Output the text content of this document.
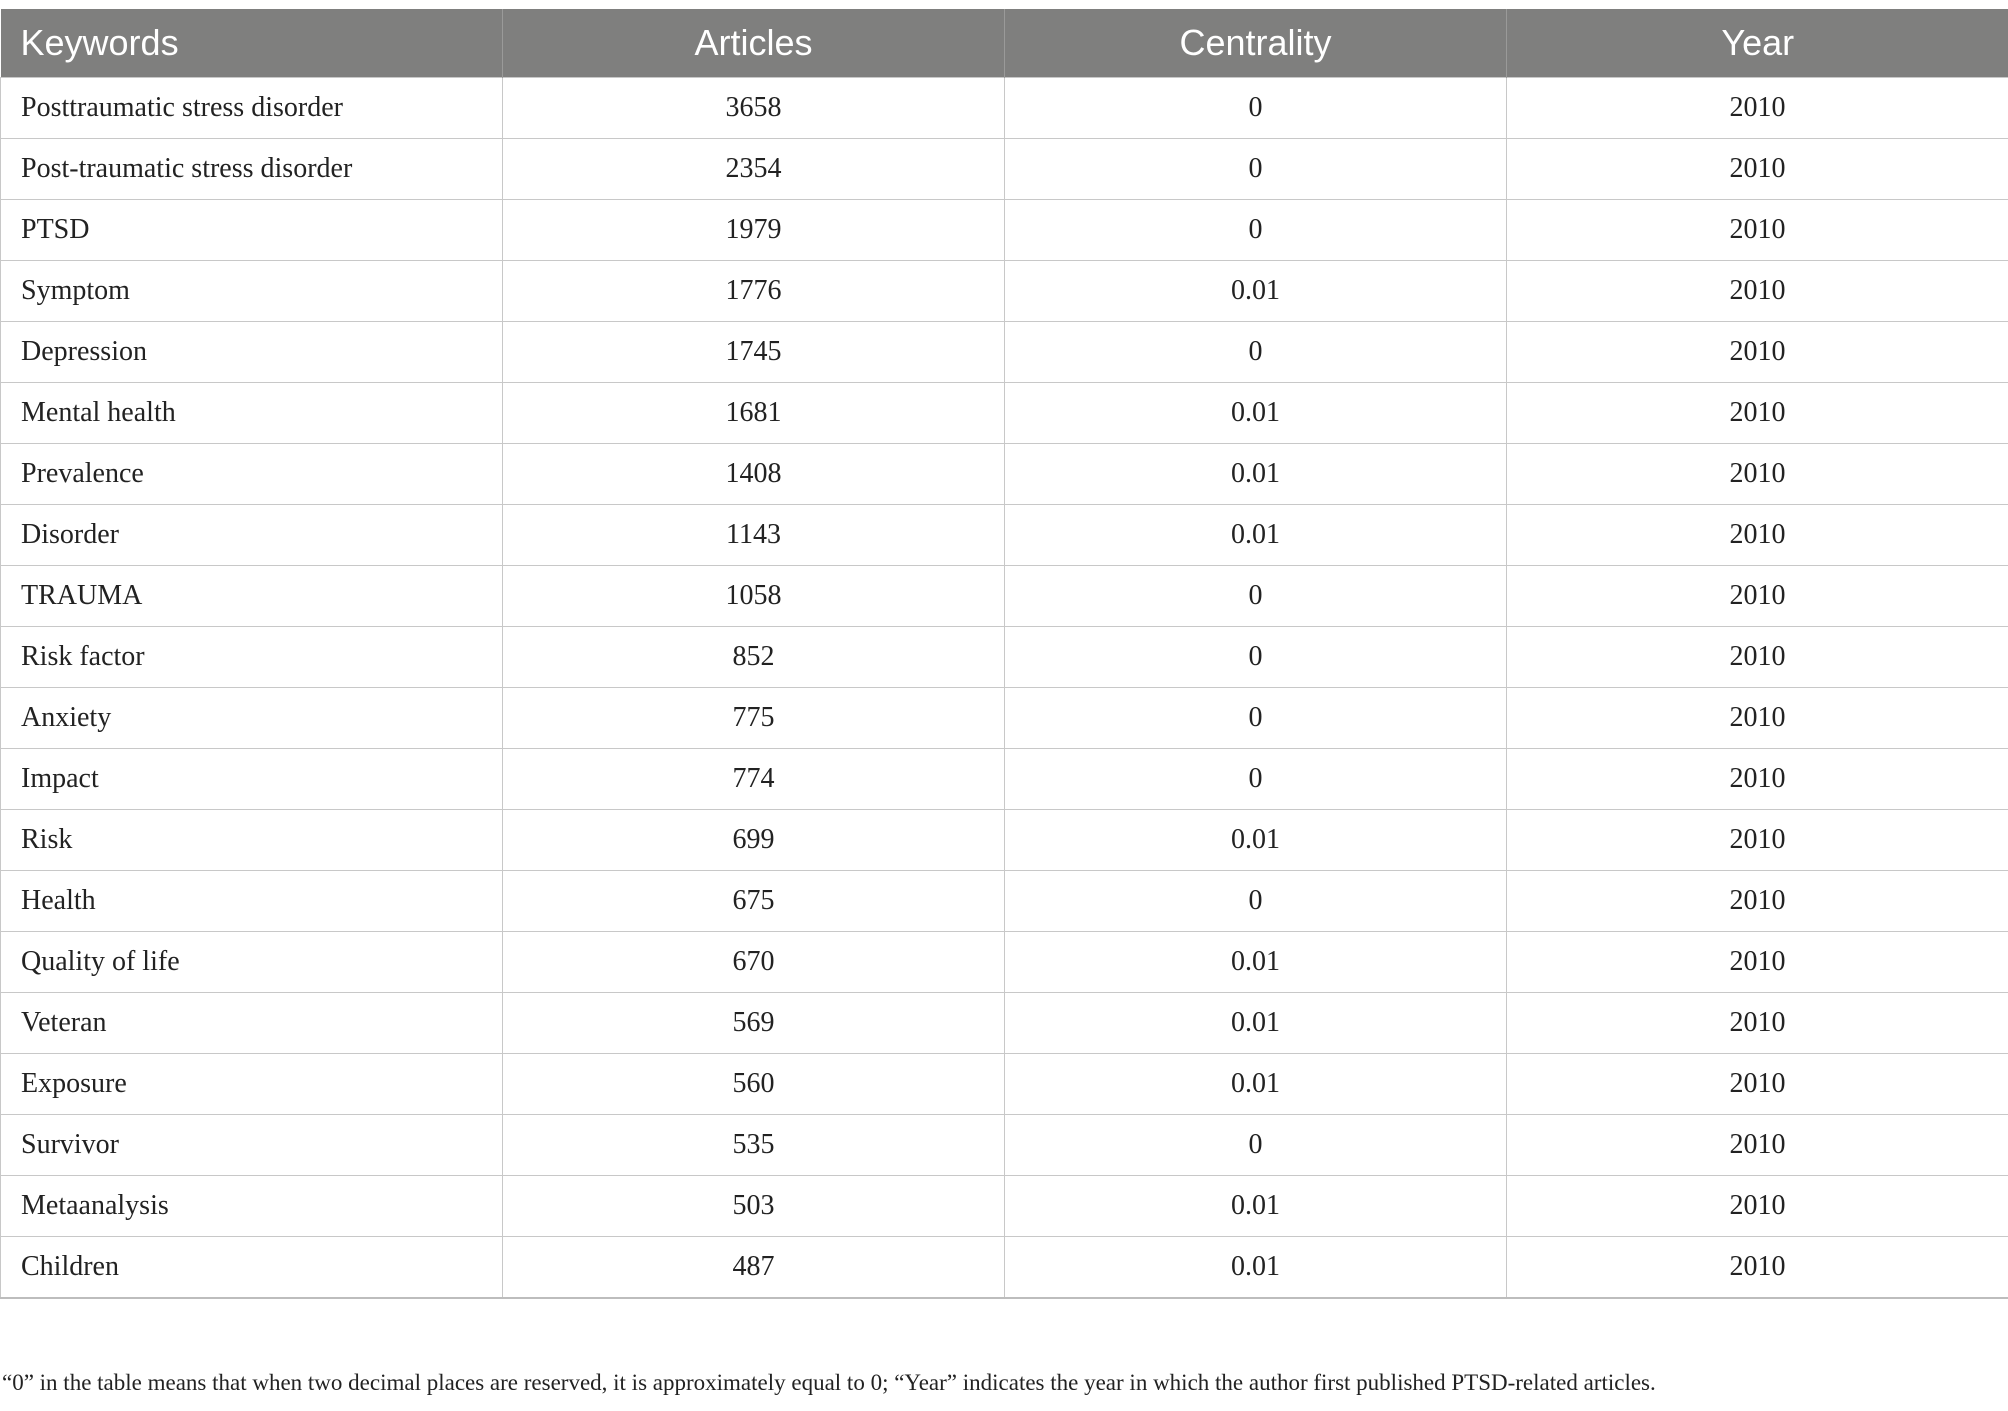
Keywords	Articles	Centrality	Year
Posttraumatic stress disorder	3658	0	2010
Post-traumatic stress disorder	2354	0	2010
PTSD	1979	0	2010
Symptom	1776	0.01	2010
Depression	1745	0	2010
Mental health	1681	0.01	2010
Prevalence	1408	0.01	2010
Disorder	1143	0.01	2010
TRAUMA	1058	0	2010
Risk factor	852	0	2010
Anxiety	775	0	2010
Impact	774	0	2010
Risk	699	0.01	2010
Health	675	0	2010
Quality of life	670	0.01	2010
Veteran	569	0.01	2010
Exposure	560	0.01	2010
Survivor	535	0	2010
Metaanalysis	503	0.01	2010
Children	487	0.01	2010
“0” in the table means that when two decimal places are reserved, it is approximately equal to 0; “Year” indicates the year in which the author first published PTSD-related articles.
